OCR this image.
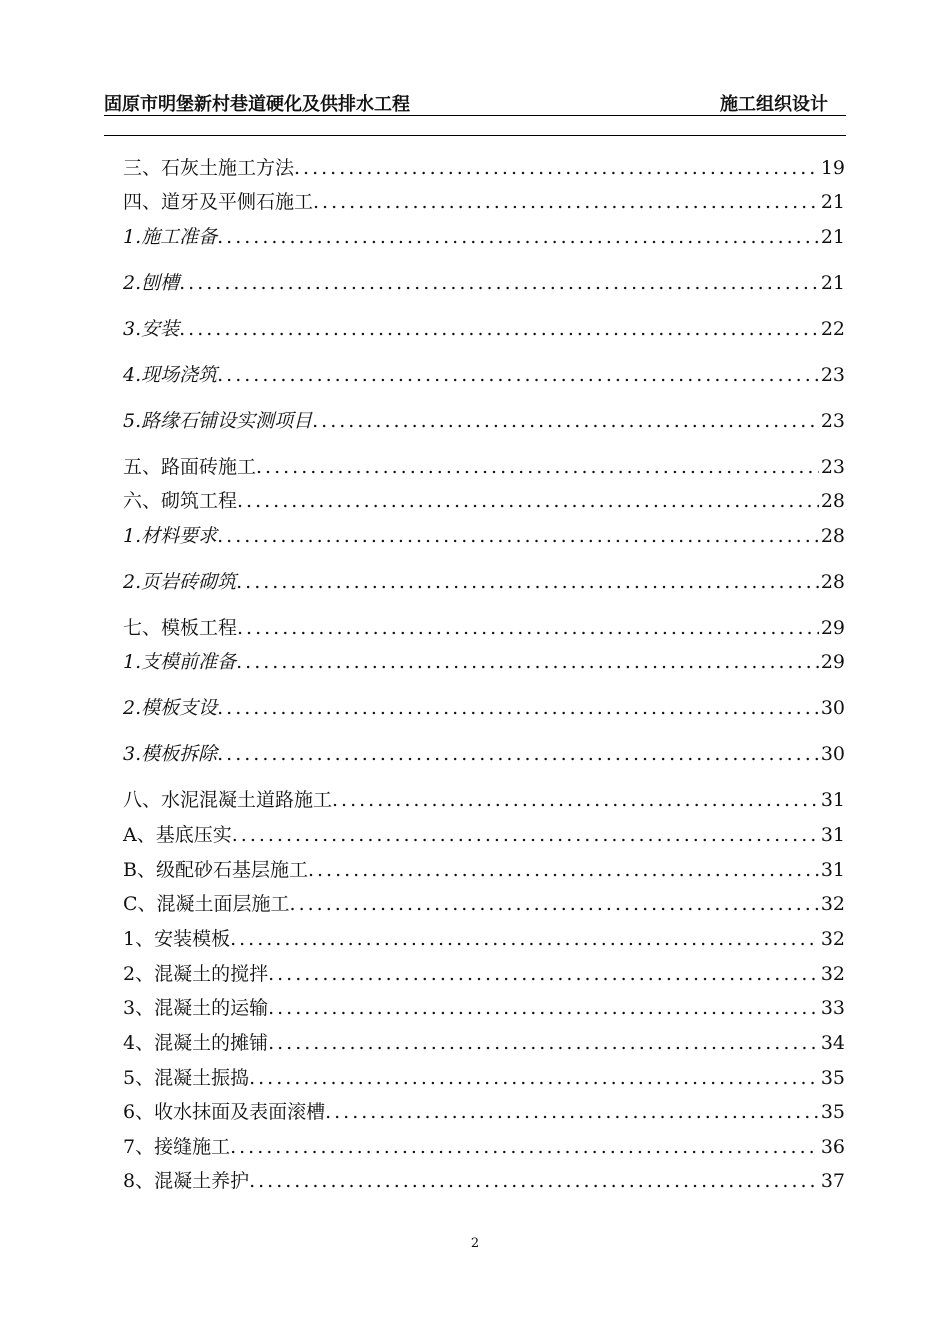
固原市明堡新村巷道硬化及供排水工程	施工组织设计
三、石灰土施工方法 .....	19
四、道牙及平侧石施工 .....	21
1.施工准备 .....	21
2.刨槽 .....	21
3.安装 .....	22
4.现场浇筑 .....	23
5.路缘石铺设实测项目 .....	23
五、路面砖施工 .....	23
六、砌筑工程 .....	28
1.材料要求 .....	28
2.页岩砖砌筑 .....	28
七、模板工程 .....	29
1.支模前准备 .....	29
2.模板支设 .....	30
3.模板拆除 .....	30
八、水泥混凝土道路施工 .....	31
A、基底压实 .....	31
B、级配砂石基层施工 .....	31
C、混凝土面层施工 .....	32
1、安装模板 .....	32
2、混凝土的搅拌 .....	32
3、混凝土的运输 .....	33
4、混凝土的摊铺 .....	34
5、混凝土振捣 .....	35
6、收水抹面及表面滚槽 .....	35
7、接缝施工 .....	36
8、混凝土养护 .....	37
2
